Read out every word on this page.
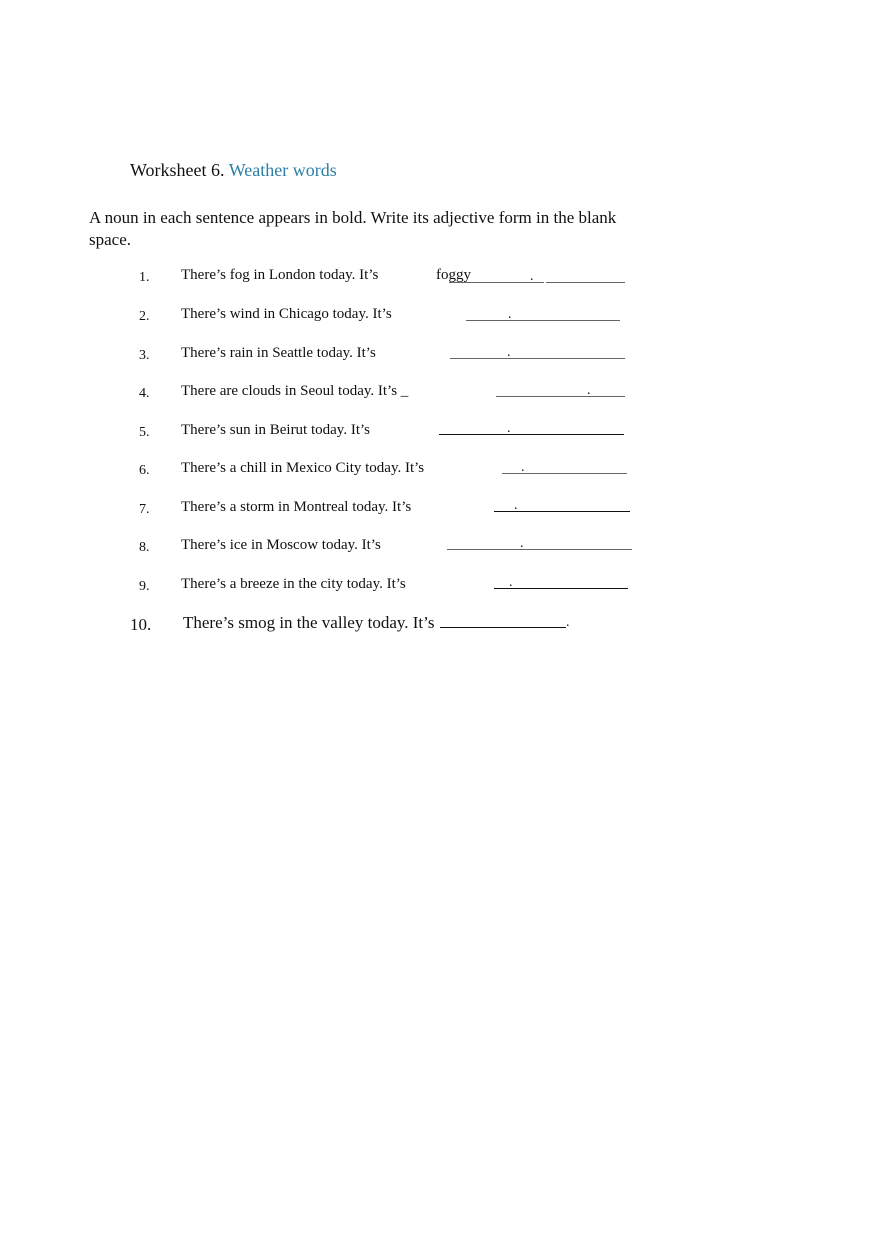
Worksheet 6. Weather words
A noun in each sentence appears in bold. Write its adjective form in the blank space.
1. There’s fog in London today. It’s	foggy	.
2. There’s wind in Chicago today. It’s	.
3. There’s rain in Seattle today. It’s	.
4. There are clouds in Seoul today. It’s _	.
5. There’s sun in Beirut today. It’s	.
6. There’s a chill in Mexico City today. It’s	.
7. There’s a storm in Montreal today. It’s	.
8. There’s ice in Moscow today. It’s	.
9. There’s a breeze in the city today. It’s	.
10. There’s smog in the valley today. It’s	.
